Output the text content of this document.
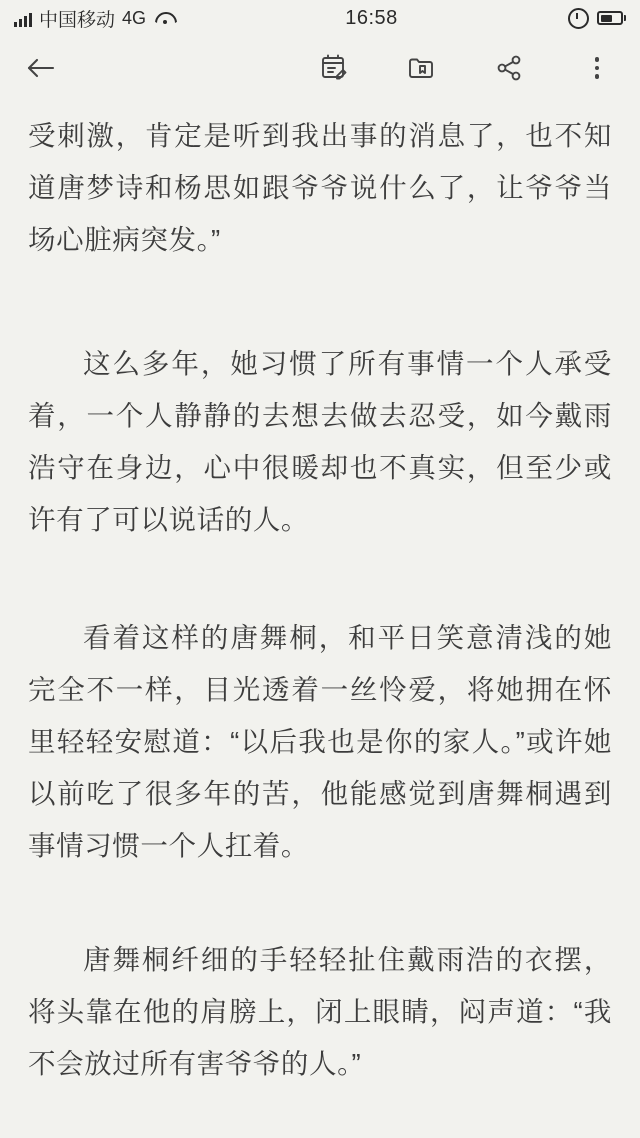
中国移动 4G	16:58

受刺激，肯定是听到我出事的消息了，也不知道唐梦诗和杨思如跟爷爷说什么了，让爷爷当场心脏病突发。”

这么多年，她习惯了所有事情一个人承受着，一个人静静的去想去做去忍受，如今戴雨浩守在身边，心中很暖却也不真实，但至少或许有了可以说话的人。

看着这样的唐舞桐，和平日笑意清浅的她完全不一样，目光透着一丝怜爱，将她拥在怀里轻轻安慰道：“以后我也是你的家人。”或许她以前吃了很多年的苦，他能感觉到唐舞桐遇到事情习惯一个人扛着。

唐舞桐纤细的手轻轻扯住戴雨浩的衣摆，将头靠在他的肩膀上，闭上眼睛，闷声道：“我不会放过所有害爷爷的人。”
